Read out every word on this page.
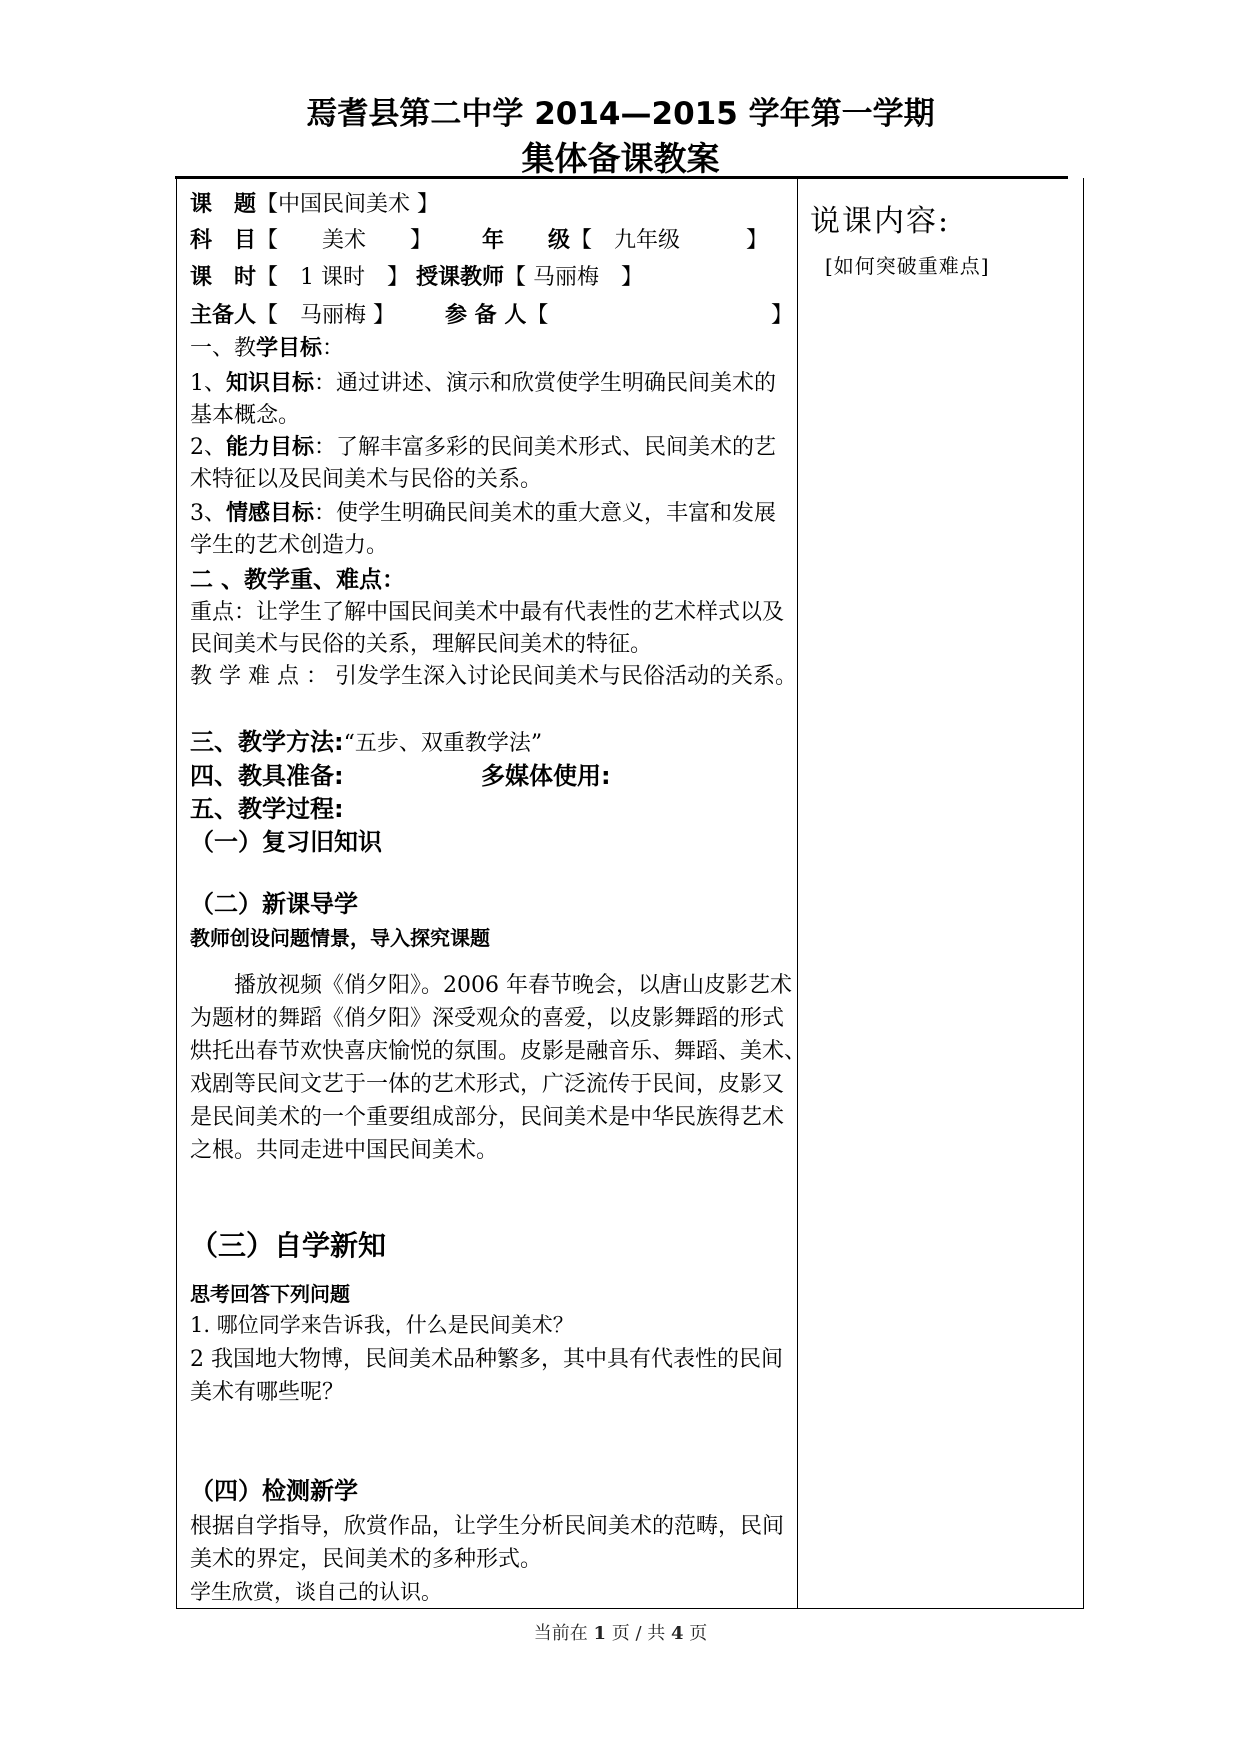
焉耆县第二中学 2014—2015 学年第一学期
集体备课教案
说课内容:
[如何突破重难点]
课　题【中国民间美术 】
科　目【　　美术　　】 年　　级【　九年级　　　】
课　时【　1 课时　】 授课教师【 马丽梅　】
主备人【　马丽梅 】 参 备 人【	】
一、教学目标：
1、知识目标：通过讲述、演示和欣赏使学生明确民间美术的
基本概念。
2、能力目标：了解丰富多彩的民间美术形式、民间美术的艺
术特征以及民间美术与民俗的关系。
3、情感目标：使学生明确民间美术的重大意义，丰富和发展
学生的艺术创造力。
二 、教学重、难点：
重点：让学生了解中国民间美术中最有代表性的艺术样式以及
民间美术与民俗的关系，理解民间美术的特征。
教 学 难 点 ： 引发学生深入讨论民间美术与民俗活动的关系。
三、教学方法:“五步、双重教学法”
四、教具准备:	多媒体使用:
五、教学过程:
（一）复习旧知识
（二）新课导学
教师创设问题情景，导入探究课题
　　播放视频《俏夕阳》。2006 年春节晚会，以唐山皮影艺术
为题材的舞蹈《俏夕阳》深受观众的喜爱，以皮影舞蹈的形式
烘托出春节欢快喜庆愉悦的氛围。皮影是融音乐、舞蹈、美术、
戏剧等民间文艺于一体的艺术形式，广泛流传于民间，皮影又
是民间美术的一个重要组成部分，民间美术是中华民族得艺术
之根。共同走进中国民间美术。
（三）自学新知
思考回答下列问题
1. 哪位同学来告诉我，什么是民间美术？
2 我国地大物博，民间美术品种繁多，其中具有代表性的民间
美术有哪些呢？
（四）检测新学
根据自学指导，欣赏作品，让学生分析民间美术的范畴，民间
美术的界定，民间美术的多种形式。
学生欣赏，谈自己的认识。
当前在 1 页 / 共 4 页
